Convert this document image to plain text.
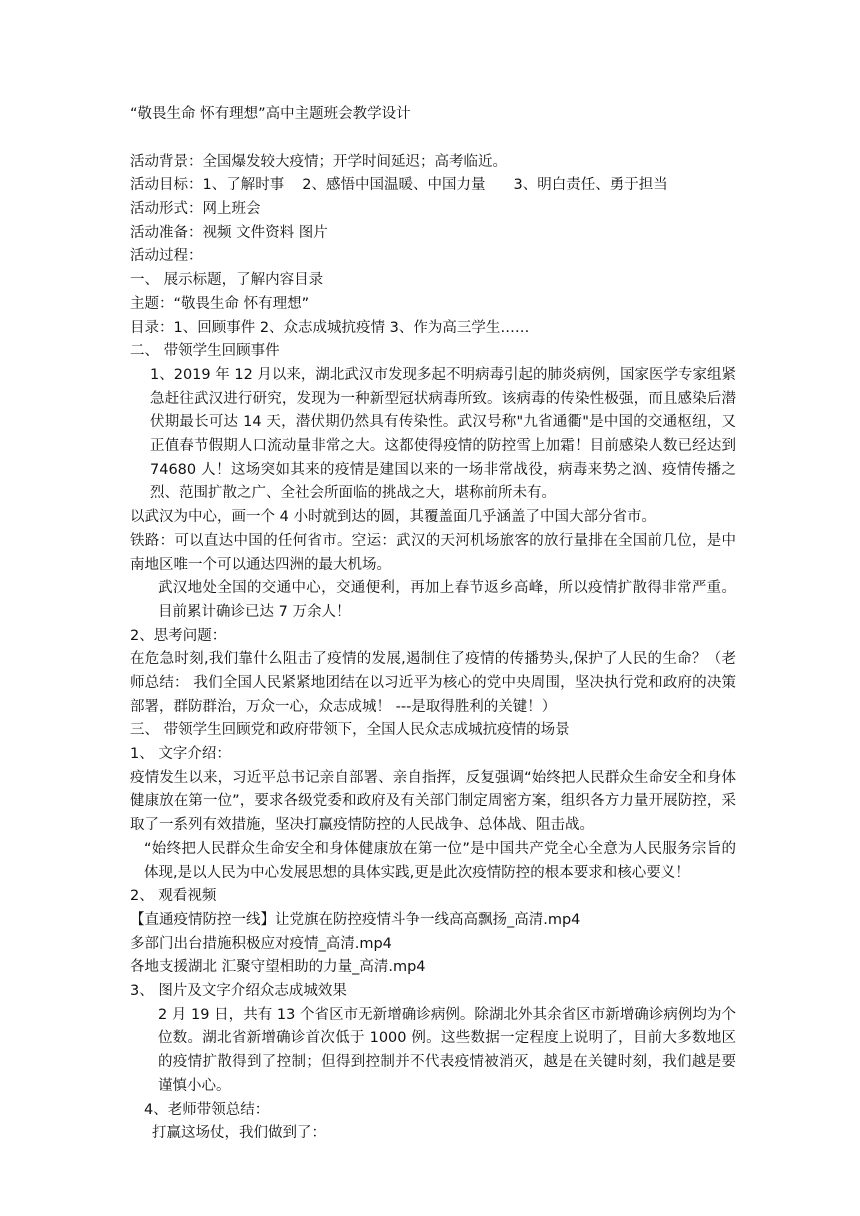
“敬畏生命 怀有理想”高中主题班会教学设计
活动背景：全国爆发较大疫情；开学时间延迟；高考临近。
活动目标：1、了解时事 2、感悟中国温暖、中国力量 3、明白责任、勇于担当
活动形式：网上班会
活动准备：视频 文件资料 图片
活动过程：
一、 展示标题，了解内容目录
主题：“敬畏生命 怀有理想”
目录：1、回顾事件 2、众志成城抗疫情 3、作为高三学生……
二、 带领学生回顾事件
1、2019 年 12 月以来，湖北武汉市发现多起不明病毒引起的肺炎病例，国家医学专家组紧急赶往武汉进行研究，发现为一种新型冠状病毒所致。该病毒的传染性极强，而且感染后潜伏期最长可达 14 天，潜伏期仍然具有传染性。武汉号称"九省通衢"是中国的交通枢纽，又正值春节假期人口流动量非常之大。这都使得疫情的防控雪上加霜！目前感染人数已经达到 74680 人！这场突如其来的疫情是建国以来的一场非常战役，病毒来势之汹、疫情传播之烈、范围扩散之广、全社会所面临的挑战之大，堪称前所未有。
以武汉为中心，画一个 4 小时就到达的圆，其覆盖面几乎涵盖了中国大部分省市。
铁路：可以直达中国的任何省市。空运：武汉的天河机场旅客的放行量排在全国前几位，是中南地区唯一个可以通达四洲的最大机场。
武汉地处全国的交通中心，交通便利，再加上春节返乡高峰，所以疫情扩散得非常严重。目前累计确诊已达 7 万余人！
2、思考问题：
在危急时刻,我们靠什么阻击了疫情的发展,遏制住了疫情的传播势头,保护了人民的生命？（老师总结： 我们全国人民紧紧地团结在以习近平为核心的党中央周围，坚决执行党和政府的决策部署，群防群治，万众一心，众志成城！ ---是取得胜利的关键！）
三、 带领学生回顾党和政府带领下，全国人民众志成城抗疫情的场景
1、 文字介绍：
疫情发生以来，习近平总书记亲自部署、亲自指挥，反复强调“始终把人民群众生命安全和身体健康放在第一位”，要求各级党委和政府及有关部门制定周密方案，组织各方力量开展防控，采取了一系列有效措施，坚决打赢疫情防控的人民战争、总体战、阻击战。
“始终把人民群众生命安全和身体健康放在第一位”是中国共产党全心全意为人民服务宗旨的体现,是以人民为中心发展思想的具体实践,更是此次疫情防控的根本要求和核心要义！
2、 观看视频
【直通疫情防控一线】让党旗在防控疫情斗争一线高高飘扬_高清.mp4
多部门出台措施积极应对疫情_高清.mp4
各地支援湖北 汇聚守望相助的力量_高清.mp4
3、 图片及文字介绍众志成城效果
2 月 19 日，共有 13 个省区市无新增确诊病例。除湖北外其余省区市新增确诊病例均为个位数。湖北省新增确诊首次低于 1000 例。这些数据一定程度上说明了，目前大多数地区的疫情扩散得到了控制；但得到控制并不代表疫情被消灭，越是在关键时刻，我们越是要谨慎小心。
4、老师带领总结：
打赢这场仗，我们做到了：
